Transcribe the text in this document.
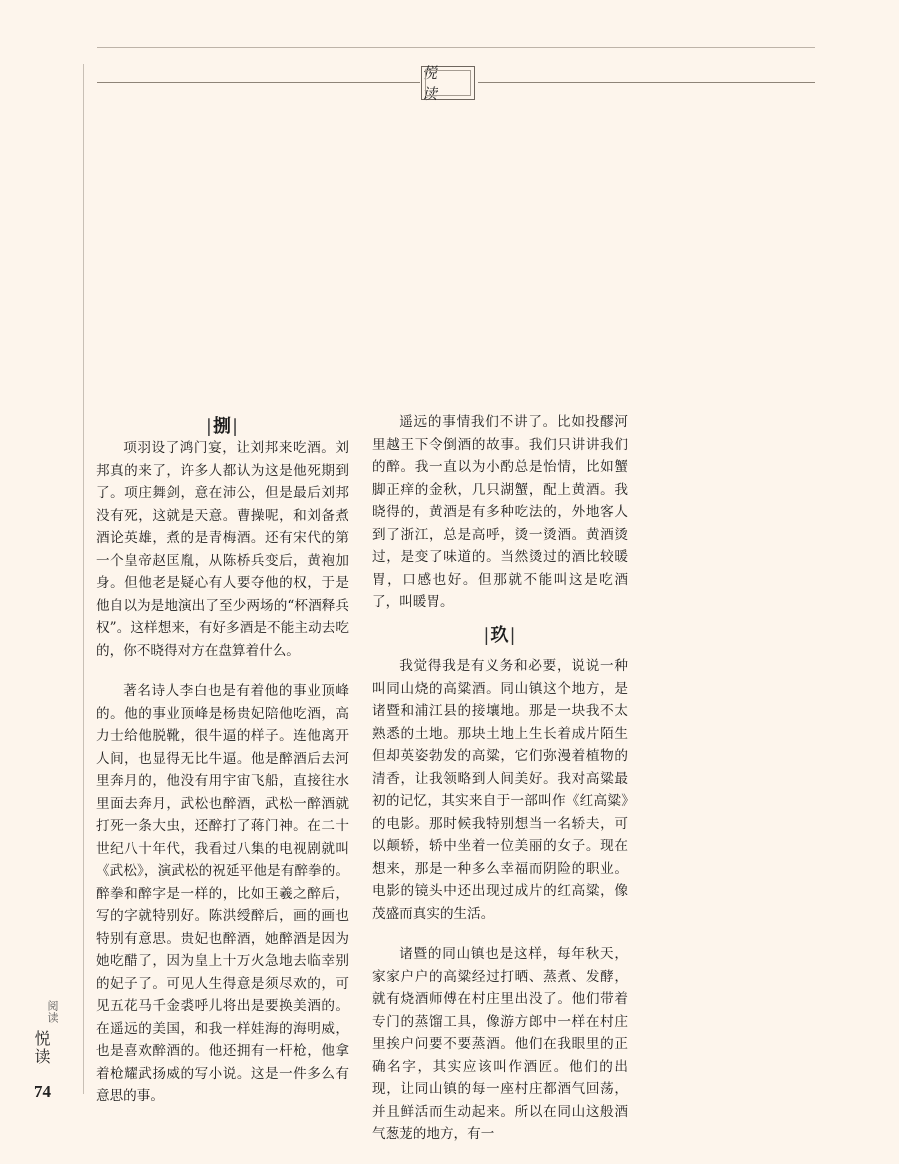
悦 读
|捌|

项羽设了鸿门宴，让刘邦来吃酒。刘邦真的来了，许多人都认为这是他死期到了。项庄舞剑，意在沛公，但是最后刘邦没有死，这就是天意。曹操呢，和刘备煮酒论英雄，煮的是青梅酒。还有宋代的第一个皇帝赵匡胤，从陈桥兵变后，黄袍加身。但他老是疑心有人要夺他的权，于是他自以为是地演出了至少两场的“杯酒释兵权”。这样想来，有好多酒是不能主动去吃的，你不晓得对方在盘算着什么。

著名诗人李白也是有着他的事业顶峰的。他的事业顶峰是杨贵妃陪他吃酒，高力士给他脱靴，很牛逼的样子。连他离开人间，也显得无比牛逼。他是醉酒后去河里奔月的，他没有用宇宙飞船，直接往水里面去奔月，武松也醉酒，武松一醉酒就打死一条大虫，还醉打了蒋门神。在二十世纪八十年代，我看过八集的电视剧就叫《武松》，演武松的祝延平他是有醉拳的。醉拳和醉字是一样的，比如王羲之醉后，写的字就特别好。陈洪绶醉后，画的画也特别有意思。贵妃也醉酒，她醉酒是因为她吃醋了，因为皇上十万火急地去临幸别的妃子了。可见人生得意是须尽欢的，可见五花马千金裘呼儿将出是要换美酒的。在遥远的美国，和我一样娃海的海明威，也是喜欢醉酒的。他还拥有一杆枪，他拿着枪耀武扬威的写小说。这是一件多么有意思的事。

遥远的事情我们不讲了。比如投醪河里越王下令倒酒的故事。我们只讲讲我们的醉。我一直以为小酌总是怡情，比如蟹脚正痒的金秋，几只湖蟹，配上黄酒。我晓得的，黄酒是有多种吃法的，外地客人到了浙江，总是高呼，烫一烫酒。黄酒烫过，是变了味道的。当然烫过的酒比较暖胃，口感也好。但那就不能叫这是吃酒了，叫暖胃。

|玖|

我觉得我是有义务和必要，说说一种叫同山烧的高粱酒。同山镇这个地方，是诸暨和浦江县的接壤地。那是一块我不太熟悉的土地。那块土地上生长着成片陌生但却英姿勃发的高粱，它们弥漫着植物的清香，让我领略到人间美好。我对高粱最初的记忆，其实来自于一部叫作《红高粱》的电影。那时候我特别想当一名轿夫，可以颠轿，轿中坐着一位美丽的女子。现在想来，那是一种多么幸福而阴险的职业。电影的镜头中还出现过成片的红高粱，像茂盛而真实的生活。

诸暨的同山镇也是这样，每年秋天，家家户户的高粱经过打晒、蒸煮、发酵，就有烧酒师傅在村庄里出没了。他们带着专门的蒸馏工具，像游方郎中一样在村庄里挨户问要不要蒸酒。他们在我眼里的正确名字，其实应该叫作酒匠。他们的出现，让同山镇的每一座村庄都酒气回荡，并且鲜活而生动起来。所以在同山这般酒气葱茏的地方，有一

阅读
悦读
74
